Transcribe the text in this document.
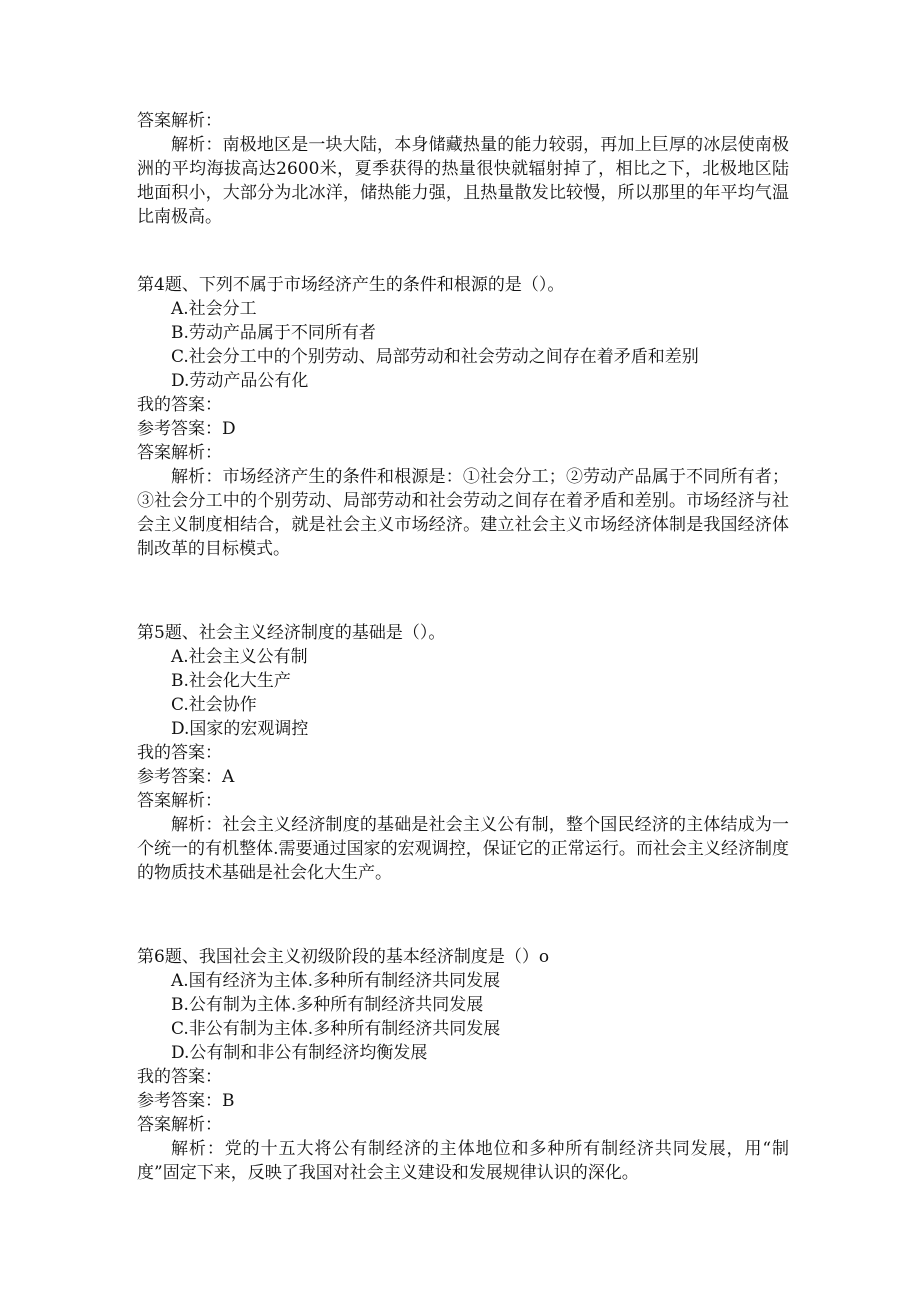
答案解析：
解析：南极地区是一块大陆，本身储藏热量的能力较弱，再加上巨厚的冰层使南极洲的平均海拔高达2600米，夏季获得的热量很快就辐射掉了，相比之下，北极地区陆地面积小，大部分为北冰洋，储热能力强，且热量散发比较慢，所以那里的年平均气温比南极高。
第4题、下列不属于市场经济产生的条件和根源的是（）。
A.社会分工
B.劳动产品属于不同所有者
C.社会分工中的个别劳动、局部劳动和社会劳动之间存在着矛盾和差别
D.劳动产品公有化
我的答案：
参考答案：D
答案解析：
解析：市场经济产生的条件和根源是：①社会分工；②劳动产品属于不同所有者；③社会分工中的个别劳动、局部劳动和社会劳动之间存在着矛盾和差别。市场经济与社会主义制度相结合，就是社会主义市场经济。建立社会主义市场经济体制是我国经济体制改革的目标模式。
第5题、社会主义经济制度的基础是（）。
A.社会主义公有制
B.社会化大生产
C.社会协作
D.国家的宏观调控
我的答案：
参考答案：A
答案解析：
解析：社会主义经济制度的基础是社会主义公有制，整个国民经济的主体结成为一个统一的有机整体.需要通过国家的宏观调控，保证它的正常运行。而社会主义经济制度的物质技术基础是社会化大生产。
第6题、我国社会主义初级阶段的基本经济制度是（）o
A.国有经济为主体.多种所有制经济共同发展
B.公有制为主体.多种所有制经济共同发展
C.非公有制为主体.多种所有制经济共同发展
D.公有制和非公有制经济均衡发展
我的答案：
参考答案：B
答案解析：
解析：党的十五大将公有制经济的主体地位和多种所有制经济共同发展，用“制度”固定下来，反映了我国对社会主义建设和发展规律认识的深化。
